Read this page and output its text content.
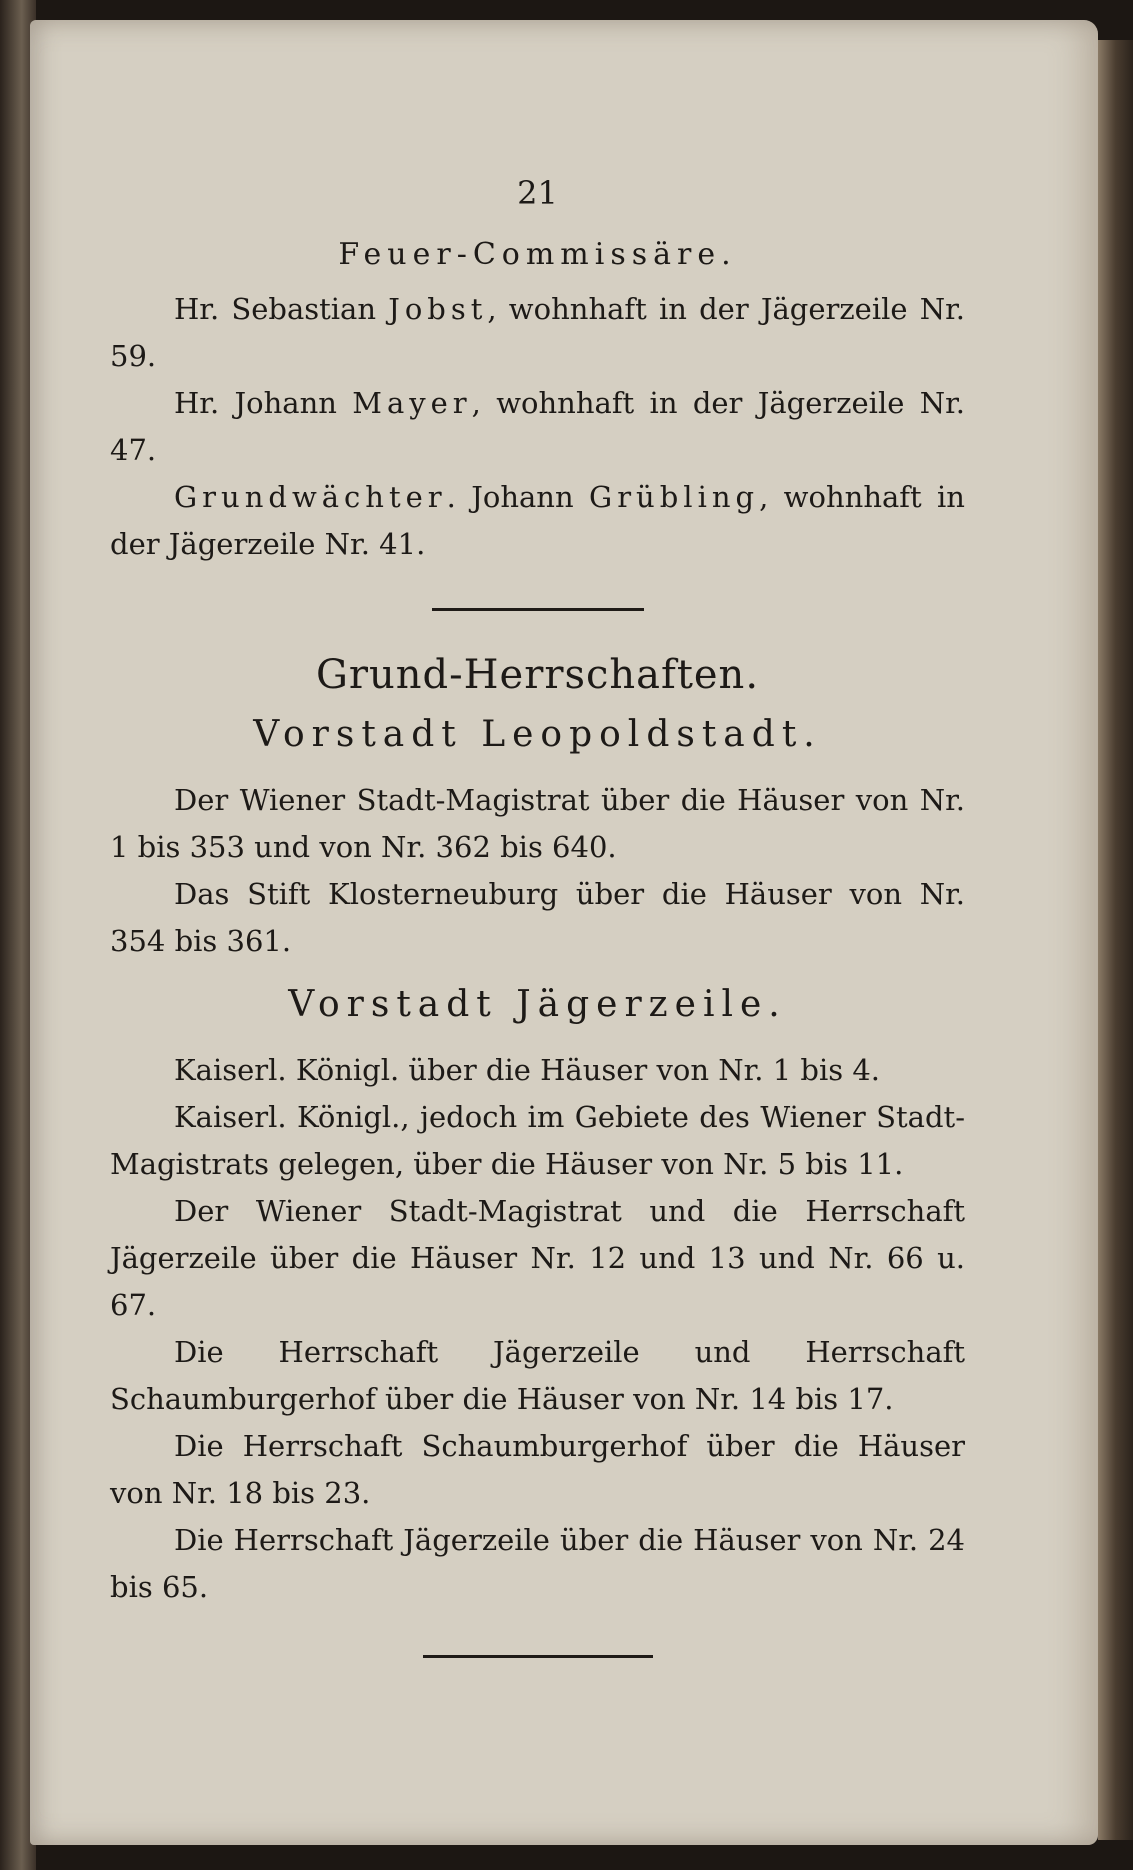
21
Feuer-Commissäre.

Hr. Sebastian Jobst, wohnhaft in der Jägerzeile Nr. 59.

Hr. Johann Mayer, wohnhaft in der Jägerzeile Nr. 47.

Grundwächter. Johann Grübling, wohnhaft in der Jägerzeile Nr. 41.

Grund-Herrschaften.
Vorstadt Leopoldstadt.

Der Wiener Stadt-Magistrat über die Häuser von Nr. 1 bis 353 und von Nr. 362 bis 640.

Das Stift Klosterneuburg über die Häuser von Nr. 354 bis 361.

Vorstadt Jägerzeile.

Kaiserl. Königl. über die Häuser von Nr. 1 bis 4.

Kaiserl. Königl., jedoch im Gebiete des Wiener Stadt-Magistrats gelegen, über die Häuser von Nr. 5 bis 11.

Der Wiener Stadt-Magistrat und die Herrschaft Jägerzeile über die Häuser Nr. 12 und 13 und Nr. 66 u. 67.

Die Herrschaft Jägerzeile und Herrschaft Schaumburgerhof über die Häuser von Nr. 14 bis 17.

Die Herrschaft Schaumburgerhof über die Häuser von Nr. 18 bis 23.

Die Herrschaft Jägerzeile über die Häuser von Nr. 24 bis 65.
